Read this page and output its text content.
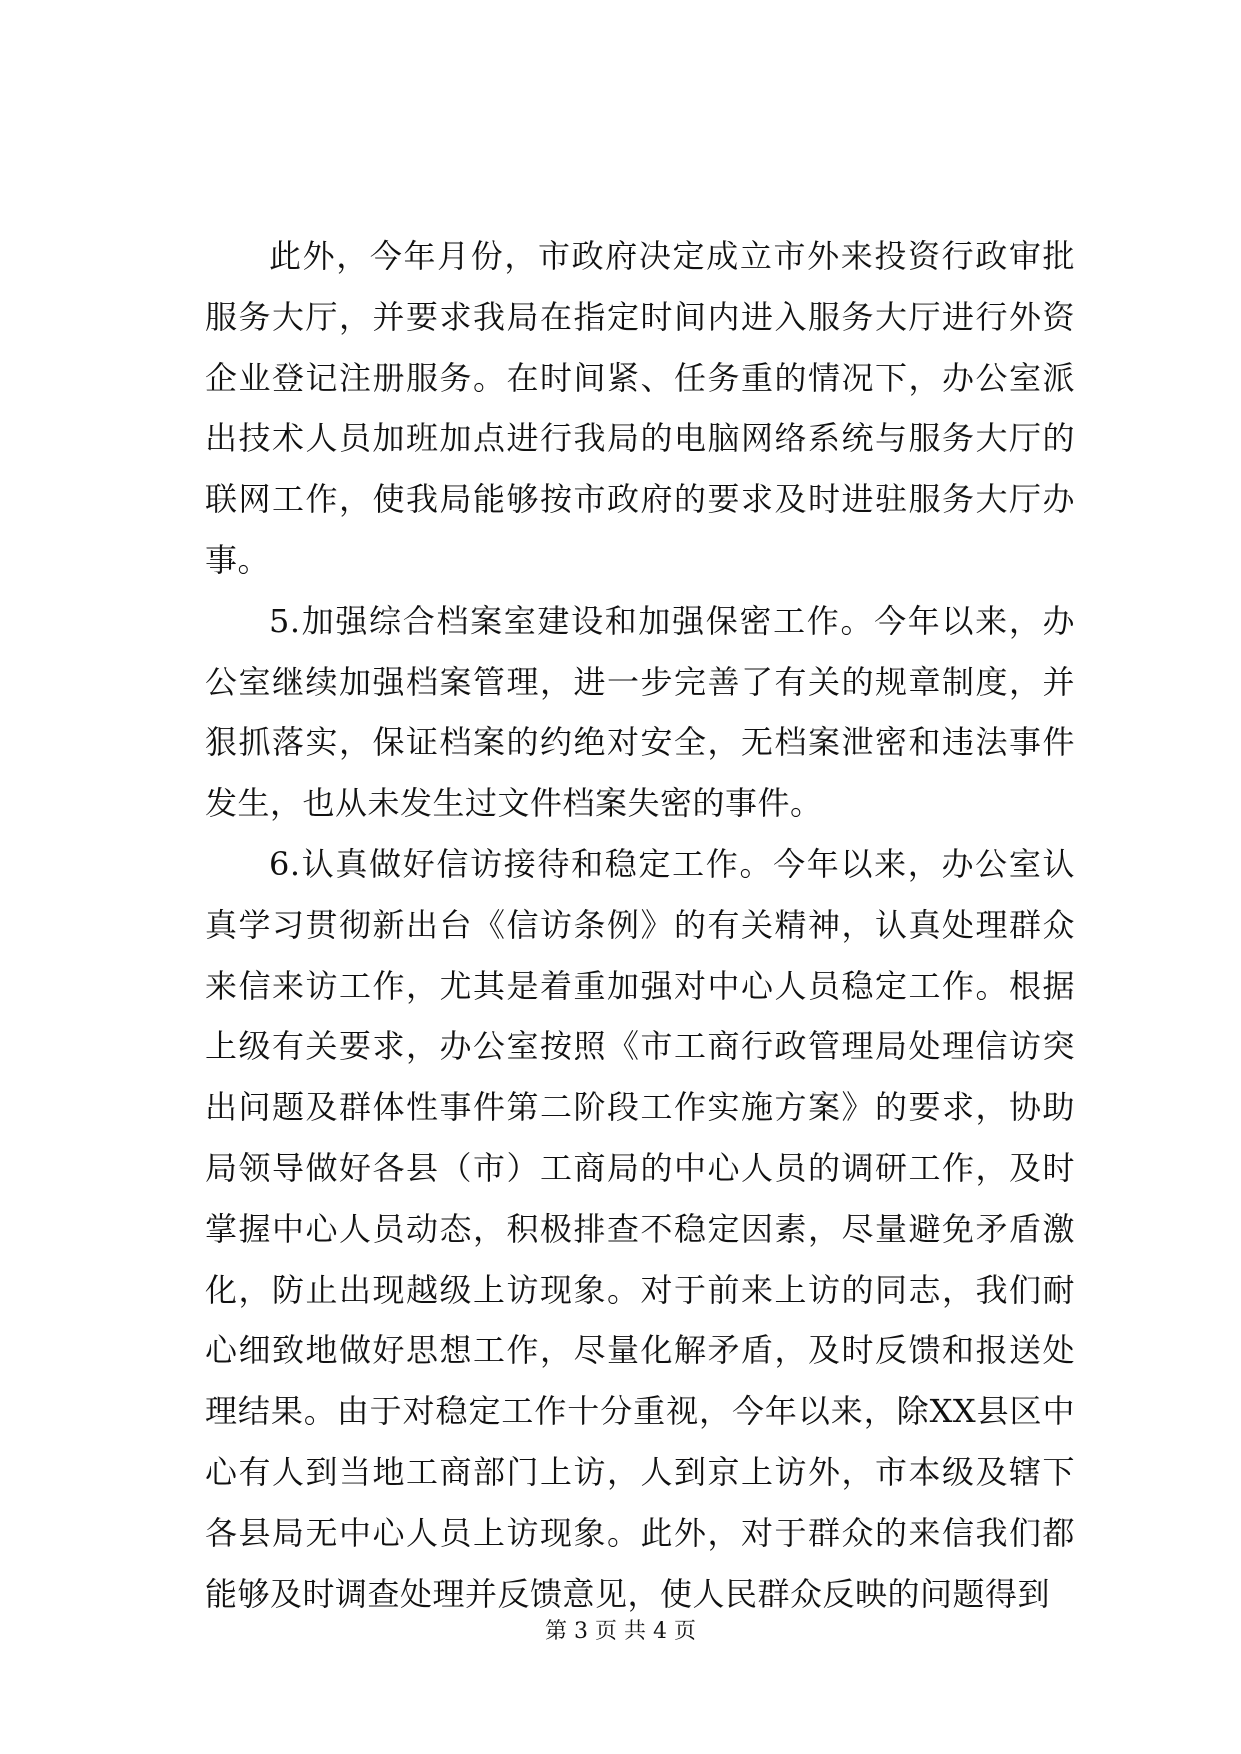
此外，今年月份，市政府决定成立市外来投资行政审批服务大厅，并要求我局在指定时间内进入服务大厅进行外资企业登记注册服务。在时间紧、任务重的情况下，办公室派出技术人员加班加点进行我局的电脑网络系统与服务大厅的联网工作，使我局能够按市政府的要求及时进驻服务大厅办事。

5.加强综合档案室建设和加强保密工作。今年以来，办公室继续加强档案管理，进一步完善了有关的规章制度，并狠抓落实，保证档案的约绝对安全，无档案泄密和违法事件发生，也从未发生过文件档案失密的事件。

6.认真做好信访接待和稳定工作。今年以来，办公室认真学习贯彻新出台《信访条例》的有关精神，认真处理群众来信来访工作，尤其是着重加强对中心人员稳定工作。根据上级有关要求，办公室按照《市工商行政管理局处理信访突出问题及群体性事件第二阶段工作实施方案》的要求，协助局领导做好各县（市）工商局的中心人员的调研工作，及时掌握中心人员动态，积极排查不稳定因素，尽量避免矛盾激化，防止出现越级上访现象。对于前来上访的同志，我们耐心细致地做好思想工作，尽量化解矛盾，及时反馈和报送处理结果。由于对稳定工作十分重视，今年以来，除XX县区中心有人到当地工商部门上访，人到京上访外，市本级及辖下各县局无中心人员上访现象。此外，对于群众的来信我们都能够及时调查处理并反馈意见，使人民群众反映的问题得到

第 3 页 共 4 页
